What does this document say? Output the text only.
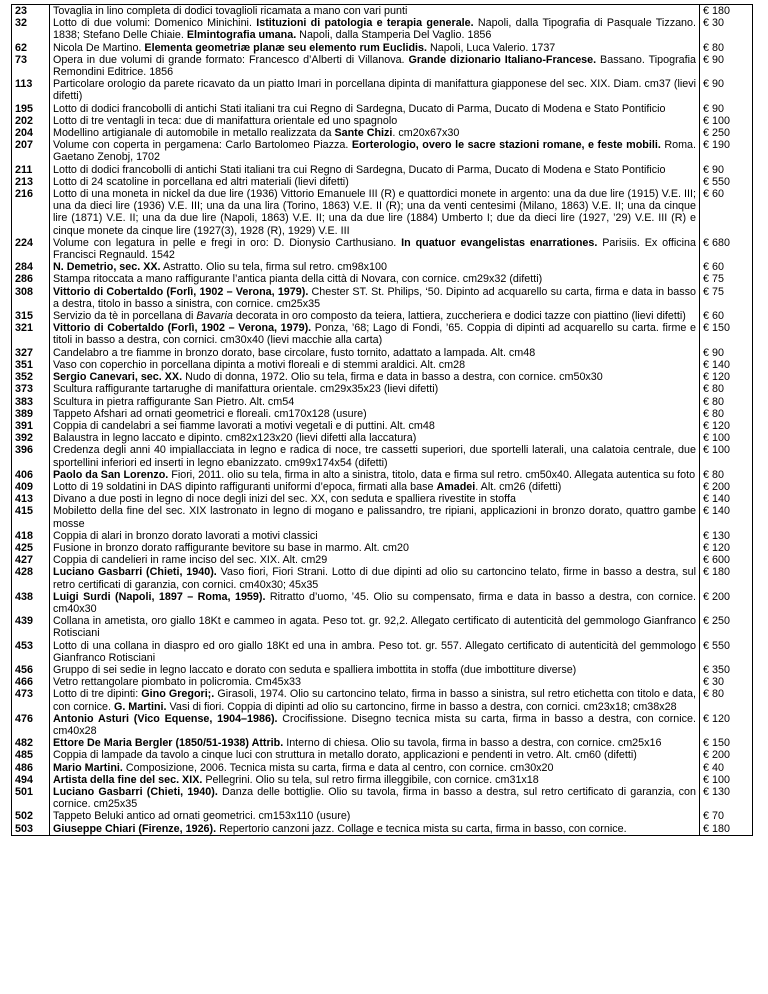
23	Tovaglia in lino completa di dodici tovaglioli ricamata a mano con vari punti	€ 180
32	Lotto di due volumi: Domenico Minichini. Istituzioni di patologia e terapia generale. Napoli, dalla Tipografia di Pasquale Tizzano. 1838; Stefano Delle Chiaie. Elmintografia umana. Napoli, dalla Stamperia Del Vaglio. 1856	€ 30
62	Nicola De Martino. Elementa geometriæ planæ seu elemento rum Euclidis. Napoli, Luca Valerio. 1737	€ 80
73	Opera in due volumi di grande formato: Francesco d’Alberti di Villanova. Grande dizionario Italiano-Francese. Bassano. Tipografia Remondini Editrice. 1856	€ 90
113	Particolare orologio da parete ricavato da un piatto Imari in porcellana dipinta di manifattura giapponese del sec. XIX. Diam. cm37 (lievi difetti)	€ 90
195	Lotto di dodici francobolli di antichi Stati italiani tra cui Regno di Sardegna, Ducato di Parma, Ducato di Modena e Stato Pontificio	€ 90
202	Lotto di tre ventagli in teca: due di manifattura orientale ed uno spagnolo	€ 100
204	Modellino artigianale di automobile in metallo realizzata da Sante Chizi. cm20x67x30	€ 250
207	Volume con coperta in pergamena: Carlo Bartolomeo Piazza. Eorterologio, overo le sacre stazioni romane, e feste mobili. Roma. Gaetano Zenobj, 1702	€ 190
211	Lotto di dodici francobolli di antichi Stati italiani tra cui Regno di Sardegna, Ducato di Parma, Ducato di Modena e Stato Pontificio	€ 90
213	Lotto di 24 scatoline in porcellana ed altri materiali (lievi difetti)	€ 550
216	Lotto di una moneta in nickel da due lire (1936) Vittorio Emanuele III (R) e quattordici monete in argento: una da due lire (1915) V.E. III; una da dieci lire (1936) V.E. III; una da una lira (Torino, 1863) V.E. II (R); una da venti centesimi (Milano, 1863) V.E. II; una da cinque lire (1871) V.E. II; una da due lire (Napoli, 1863) V.E. II; una da due lire (1884) Umberto I; due da dieci lire (1927, ’29) V.E. III (R) e cinque monete da cinque lire (1927(3), 1928 (R), 1929) V.E. III	€ 60
224	Volume con legatura in pelle e fregi in oro: D. Dionysio Carthusiano. In quatuor evangelistas enarrationes. Parisiis. Ex officina Francisci Regnauld. 1542	€ 680
284	N. Demetrio, sec. XX. Astratto. Olio su tela, firma sul retro. cm98x100	€ 60
286	Stampa ritoccata a mano raffigurante l’antica pianta della città di Novara, con cornice. cm29x32 (difetti)	€ 75
308	Vittorio di Cobertaldo (Forlì, 1902 – Verona, 1979). Chester ST. St. Philips, ‘50. Dipinto ad acquarello su carta, firma e data in basso a destra, titolo in basso a sinistra, con cornice. cm25x35	€ 75
315	Servizio da tè in porcellana di Bavaria decorata in oro composto da teiera, lattiera, zuccheriera e dodici tazze con piattino (lievi difetti)	€ 60
321	Vittorio di Cobertaldo (Forlì, 1902 – Verona, 1979). Ponza, ’68; Lago di Fondi, ’65. Coppia di dipinti ad acquarello su carta. firme e titoli in basso a destra, con cornici. cm30x40 (lievi macchie alla carta)	€ 150
327	Candelabro a tre fiamme in bronzo dorato, base circolare, fusto tornito, adattato a lampada. Alt. cm48	€ 90
351	Vaso con coperchio in porcellana dipinta a motivi floreali e di stemmi araldici. Alt. cm28	€ 140
352	Sergio Canevari, sec. XX. Nudo di donna, 1972. Olio su tela, firma e data in basso a destra, con cornice. cm50x30	€ 120
373	Scultura raffigurante tartarughe di manifattura orientale. cm29x35x23 (lievi difetti)	€ 80
383	Scultura in pietra raffigurante San Pietro. Alt. cm54	€ 80
389	Tappeto Afshari ad ornati geometrici e floreali. cm170x128 (usure)	€ 80
391	Coppia di candelabri a sei fiamme lavorati a motivi vegetali e di puttini. Alt. cm48	€ 120
392	Balaustra in legno laccato e dipinto. cm82x123x20 (lievi difetti alla laccatura)	€ 100
396	Credenza degli anni 40 impiallacciata in legno e radica di noce, tre cassetti superiori, due sportelli laterali, una calatoia centrale, due sportellini inferiori ed inserti in legno ebanizzato. cm99x174x54 (difetti)	€ 100
406	Paolo da San Lorenzo. Fiori, 2011. olio su tela, firma in alto a sinistra, titolo, data e firma sul retro. cm50x40. Allegata autentica su foto	€ 80
409	Lotto di 19 soldatini in DAS dipinto raffiguranti uniformi d’epoca, firmati alla base Amadei. Alt. cm26 (difetti)	€ 200
413	Divano a due posti in legno di noce degli inizi del sec. XX, con seduta e spalliera rivestite in stoffa	€ 140
415	Mobiletto della fine del sec. XIX lastronato in legno di mogano e palissandro, tre ripiani, applicazioni in bronzo dorato, quattro gambe mosse	€ 140
418	Coppia di alari in bronzo dorato lavorati a motivi classici	€ 130
425	Fusione in bronzo dorato raffigurante bevitore su base in marmo. Alt. cm20	€ 120
427	Coppia di candelieri in rame inciso del sec. XIX. Alt. cm29	€ 600
428	Luciano Gasbarri (Chieti, 1940). Vaso fiori, Fiori Strani. Lotto di due dipinti ad olio su cartoncino telato, firme in basso a destra, sul retro certificati di garanzia, con cornici. cm40x30; 45x35	€ 180
438	Luigi Surdi (Napoli, 1897 – Roma, 1959). Ritratto d’uomo, ’45. Olio su compensato, firma e data in basso a destra, con cornice. cm40x30	€ 200
439	Collana in ametista, oro giallo 18Kt e cammeo in agata. Peso tot. gr. 92,2. Allegato certificato di autenticità del gemmologo Gianfranco Rotisciani	€ 250
453	Lotto di una collana in diaspro ed oro giallo 18Kt ed una in ambra. Peso tot. gr. 557. Allegato certificato di autenticità del gemmologo Gianfranco Rotisciani	€ 550
456	Gruppo di sei sedie in legno laccato e dorato con seduta e spalliera imbottita in stoffa (due imbottiture diverse)	€ 350
466	Vetro rettangolare piombato in policromia. Cm45x33	€ 30
473	Lotto di tre dipinti: Gino Gregori;. Girasoli, 1974. Olio su cartoncino telato, firma in basso a sinistra, sul retro etichetta con titolo e data, con cornice. G. Martini. Vasi di fiori. Coppia di dipinti ad olio su cartoncino, firme in basso a destra, con cornici. cm23x18; cm38x28	€ 80
476	Antonio Asturi (Vico Equense, 1904–1986). Crocifissione. Disegno tecnica mista su carta, firma in basso a destra, con cornice. cm40x28	€ 120
482	Ettore De Maria Bergler (1850/51-1938) Attrib. Interno di chiesa. Olio su tavola, firma in basso a destra, con cornice. cm25x16	€ 150
485	Coppia di lampade da tavolo a cinque luci con struttura in metallo dorato, applicazioni e pendenti in vetro. Alt. cm60 (difetti)	€ 200
486	Mario Martini. Composizione, 2006. Tecnica mista su carta, firma e data al centro, con cornice. cm30x20	€ 40
494	Artista della fine del sec. XIX. Pellegrini. Olio su tela, sul retro firma illeggibile, con cornice. cm31x18	€ 100
501	Luciano Gasbarri (Chieti, 1940). Danza delle bottiglie. Olio su tavola, firma in basso a destra, sul retro certificato di garanzia, con cornice. cm25x35	€ 130
502	Tappeto Beluki antico ad ornati geometrici. cm153x110 (usure)	€ 70
503	Giuseppe Chiari (Firenze, 1926). Repertorio canzoni jazz. Collage e tecnica mista su carta, firma in basso, con cornice.	€ 180
